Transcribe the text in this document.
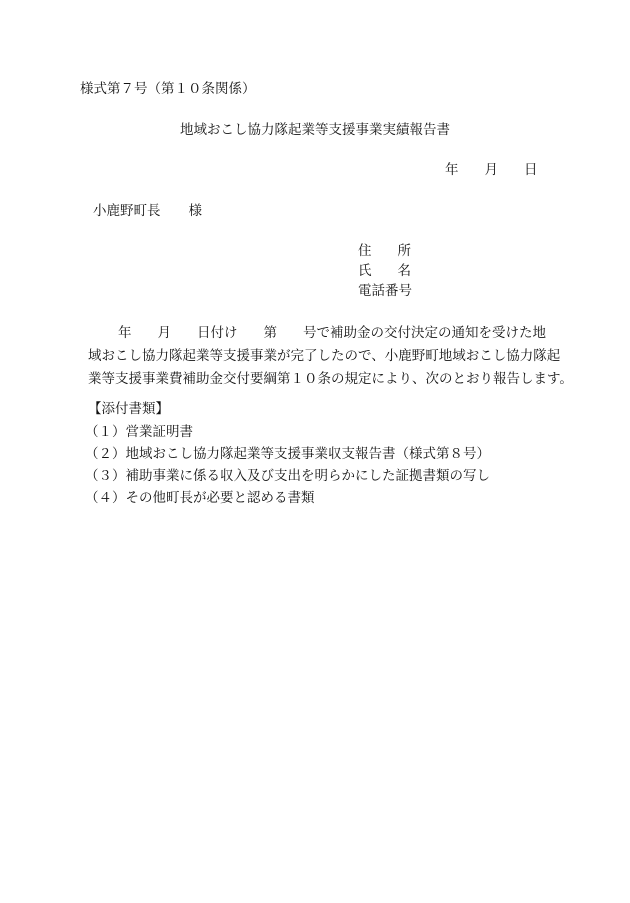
様式第７号（第１０条関係）
地域おこし協力隊起業等支援事業実績報告書
年 月 日
小鹿野町長 様
住 所
氏 名
電話番号
年 月 日付け 第 号で補助金の交付決定の通知を受けた地
域おこし協力隊起業等支援事業が完了したので、小鹿野町地域おこし協力隊起
業等支援事業費補助金交付要綱第１０条の規定により、次のとおり報告します。
【添付書類】
（１）営業証明書
（２）地域おこし協力隊起業等支援事業収支報告書（様式第８号）
（３）補助事業に係る収入及び支出を明らかにした証拠書類の写し
（４）その他町長が必要と認める書類
